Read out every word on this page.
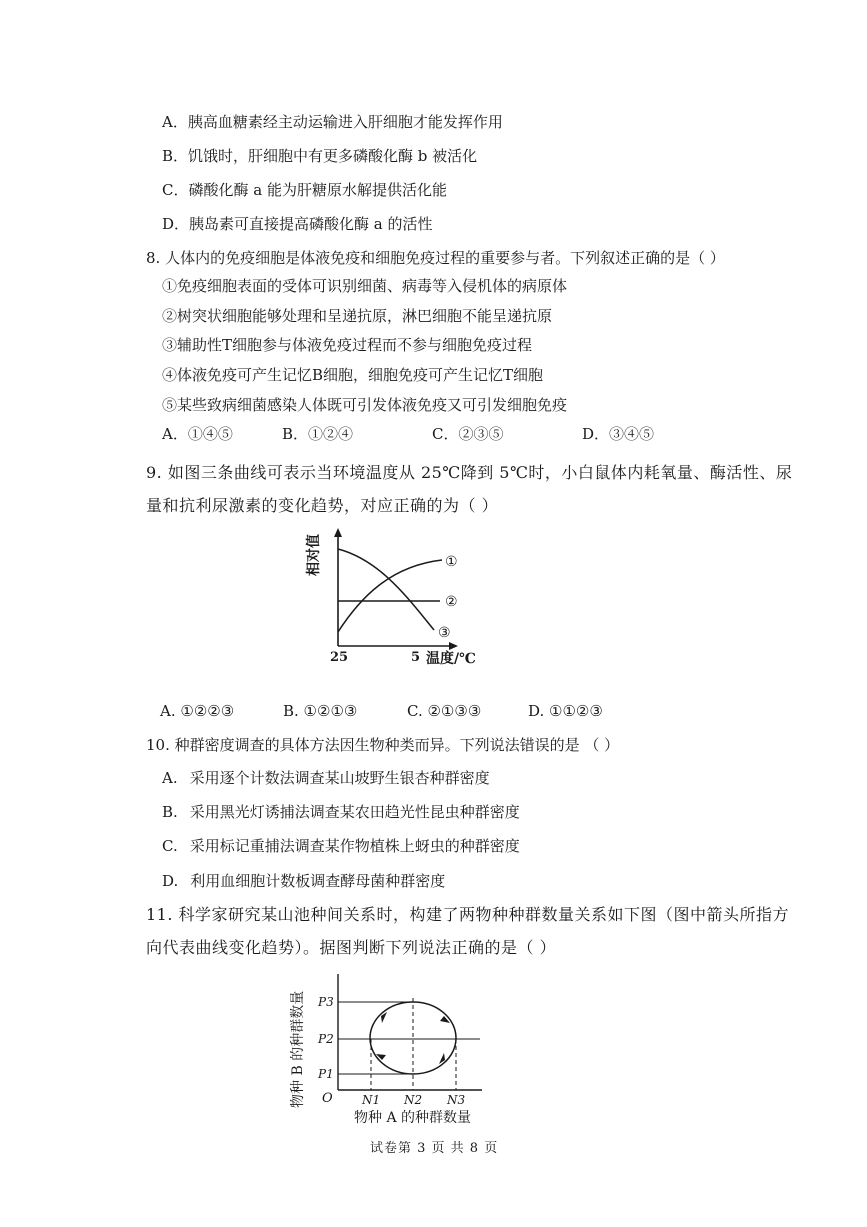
A．胰高血糖素经主动运输进入肝细胞才能发挥作用
B．饥饿时，肝细胞中有更多磷酸化酶 b 被活化
C．磷酸化酶 a 能为肝糖原水解提供活化能
D．胰岛素可直接提高磷酸化酶 a 的活性
8. 人体内的免疫细胞是体液免疫和细胞免疫过程的重要参与者。下列叙述正确的是（ ）
①免疫细胞表面的受体可识别细菌、病毒等入侵机体的病原体
②树突状细胞能够处理和呈递抗原，淋巴细胞不能呈递抗原
③辅助性T细胞参与体液免疫过程而不参与细胞免疫过程
④体液免疫可产生记忆B细胞，细胞免疫可产生记忆T细胞
⑤某些致病细菌感染人体既可引发体液免疫又可引发细胞免疫
A．①④⑤	B．①②④	C．②③⑤	D．③④⑤
9. 如图三条曲线可表示当环境温度从 25℃降到 5℃时，小白鼠体内耗氧量、酶活性、尿
量和抗利尿激素的变化趋势，对应正确的为（ ）
相对值
25	5 温度/℃
①
②
③
A. ①②②③	B. ①②①③	C. ②①③③	D. ①①②③
10. 种群密度调查的具体方法因生物种类而异。下列说法错误的是 （ ）
A. 采用逐个计数法调查某山坡野生银杏种群密度
B. 采用黑光灯诱捕法调查某农田趋光性昆虫种群密度
C. 采用标记重捕法调查某作物植株上蚜虫的种群密度
D. 利用血细胞计数板调查酵母菌种群密度
11. 科学家研究某山池种间关系时，构建了两物种种群数量关系如下图（图中箭头所指方
向代表曲线变化趋势）。据图判断下列说法正确的是（ ）
物种 B 的种群数量 P3
P2
P1
O N1 N2 N3
物种 A 的种群数量
试卷第 3 页 共 8 页
